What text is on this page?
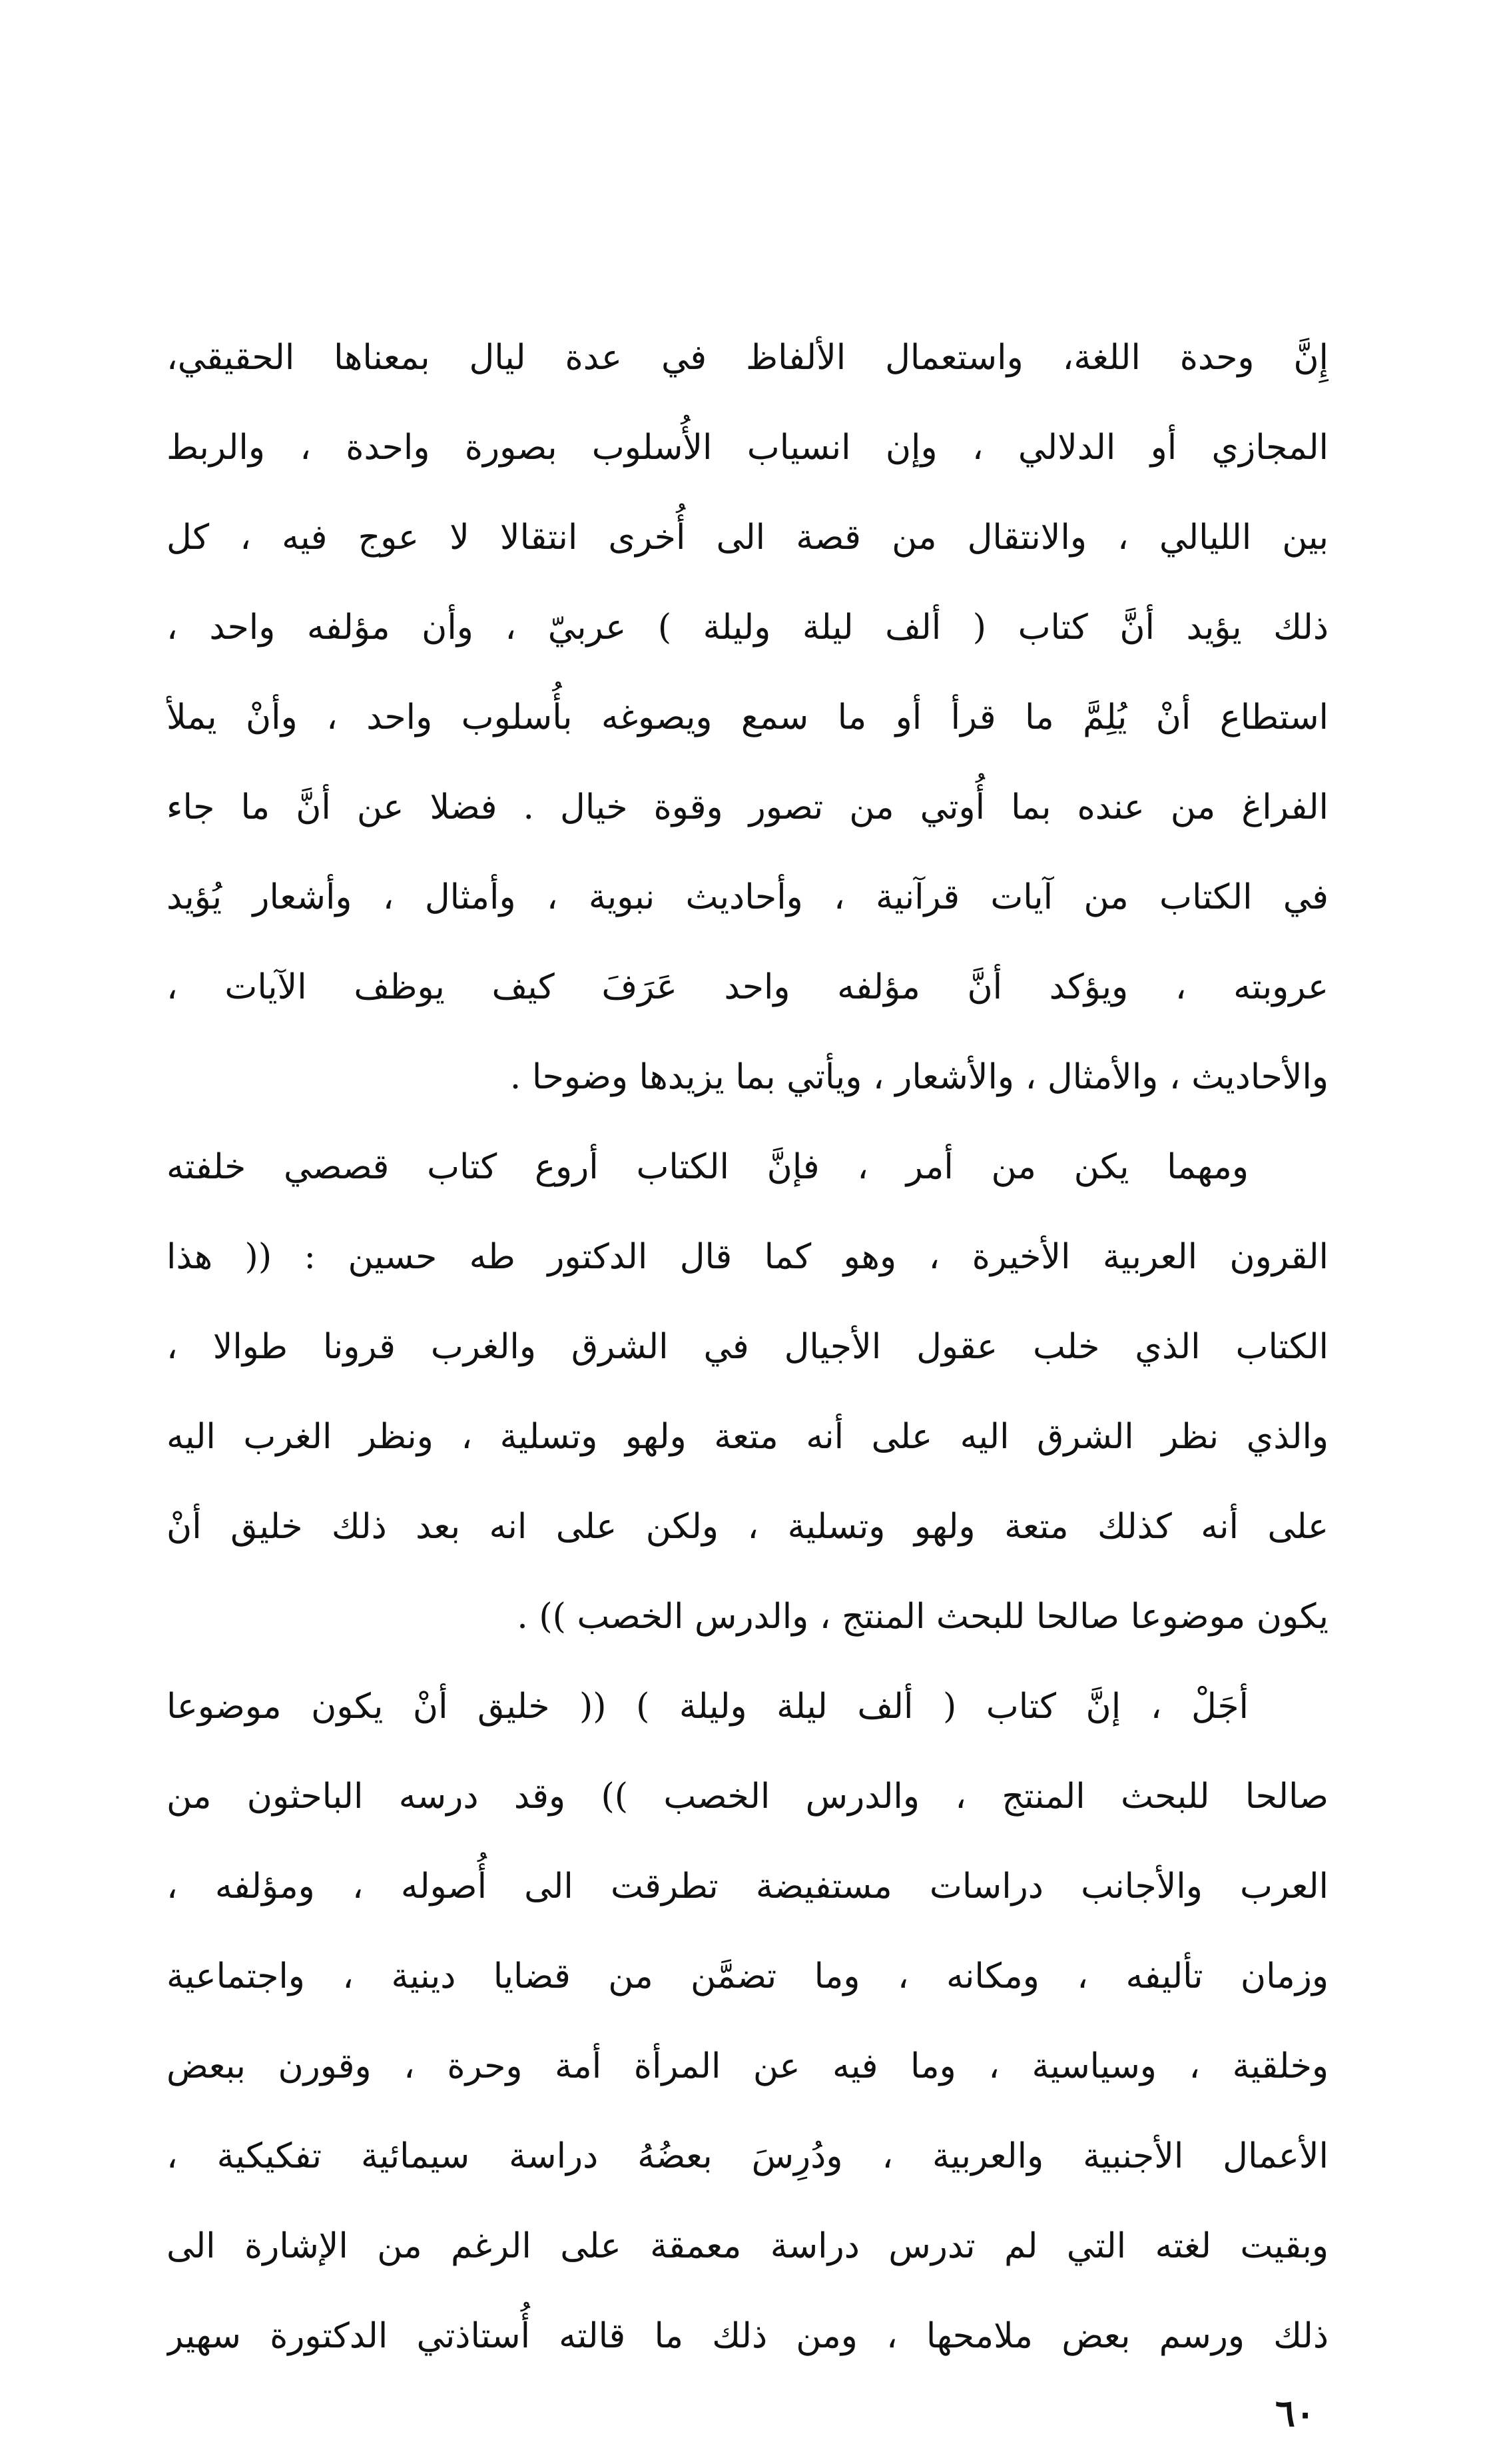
إِنَّ وحدة اللغة، واستعمال الألفاظ في عدة ليال بمعناها الحقيقي،
المجازي أو الدلالي ، وإن انسياب الأُسلوب بصورة واحدة ، والربط
بين الليالي ، والانتقال من قصة الى أُخرى انتقالا لا عوج فيه ، كل
ذلك يؤيد أنَّ كتاب ( ألف ليلة وليلة ) عربيّ ، وأن مؤلفه واحد ،
استطاع أنْ يُلِمَّ ما قرأ أو ما سمع ويصوغه بأُسلوب واحد ، وأنْ يملأ
الفراغ من عنده بما أُوتي من تصور وقوة خيال . فضلا عن أنَّ ما جاء
في الكتاب من آيات قرآنية ، وأحاديث نبوية ، وأمثال ، وأشعار يُؤيد
عروبته ، ويؤكد أنَّ مؤلفه واحد عَرَفَ كيف يوظف الآيات ،
والأحاديث ، والأمثال ، والأشعار ، ويأتي بما يزيدها وضوحا .
ومهما يكن من أمر ، فإنَّ الكتاب أروع كتاب قصصي خلفته
القرون العربية الأخيرة ، وهو كما قال الدكتور طه حسين : (( هذا
الكتاب الذي خلب عقول الأجيال في الشرق والغرب قرونا طوالا ،
والذي نظر الشرق اليه على أنه متعة ولهو وتسلية ، ونظر الغرب اليه
على أنه كذلك متعة ولهو وتسلية ، ولكن على انه بعد ذلك خليق أنْ
يكون موضوعا صالحا للبحث المنتج ، والدرس الخصب )) .
أجَلْ ، إنَّ كتاب ( ألف ليلة وليلة ) (( خليق أنْ يكون موضوعا
صالحا للبحث المنتج ، والدرس الخصب )) وقد درسه الباحثون من
العرب والأجانب دراسات مستفيضة تطرقت الى أُصوله ، ومؤلفه ،
وزمان تأليفه ، ومكانه ، وما تضمَّن من قضايا دينية ، واجتماعية
وخلقية ، وسياسية ، وما فيه عن المرأة أمة وحرة ، وقورن ببعض
الأعمال الأجنبية والعربية ، ودُرِسَ بعضُهُ دراسة سيمائية تفكيكية ،
وبقيت لغته التي لم تدرس دراسة معمقة على الرغم من الإشارة الى
ذلك ورسم بعض ملامحها ، ومن ذلك ما قالته أُستاذتي الدكتورة سهير
٦٠
